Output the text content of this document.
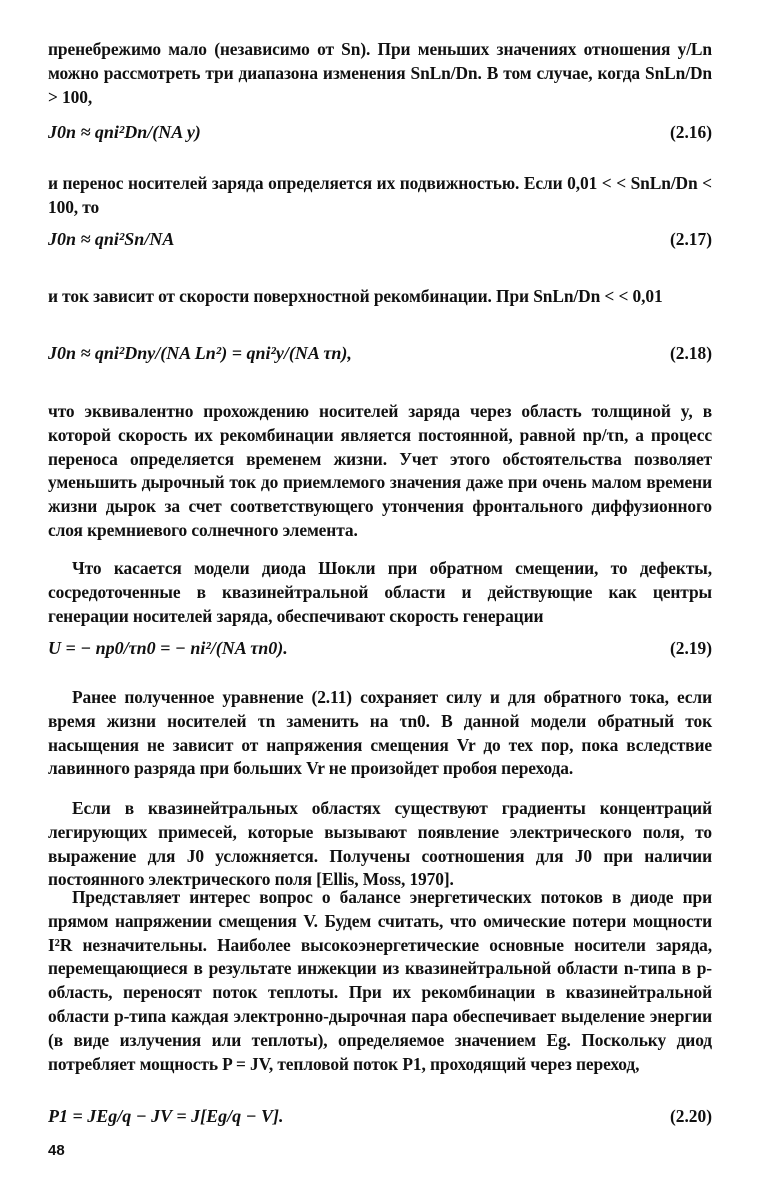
пренебрежимо мало (независимо от Sn). При меньших значениях отношения y/Ln можно рассмотреть три диапазона изменения SnLn/Dn. В том случае, когда SnLn/Dn > 100,

J0n ≈ qni²Dn/(NA y)	(2.16)

и перенос носителей заряда определяется их подвижностью. Если 0,01 < < SnLn/Dn < 100, то

J0n ≈ qni²Sn/NA	(2.17)

и ток зависит от скорости поверхностной рекомбинации. При SnLn/Dn < < 0,01

J0n ≈ qni²Dny/(NA Ln²) = qni²y/(NA τn),	(2.18)

что эквивалентно прохождению носителей заряда через область толщиной y, в которой скорость их рекомбинации является постоянной, равной np/τn, а процесс переноса определяется временем жизни. Учет этого обстоятельства позволяет уменьшить дырочный ток до приемлемого значения даже при очень малом времени жизни дырок за счет соответствующего утончения фронтального диффузионного слоя кремниевого солнечного элемента.

Что касается модели диода Шокли при обратном смещении, то дефекты, сосредоточенные в квазинейтральной области и действующие как центры генерации носителей заряда, обеспечивают скорость генерации

U = − np0/τn0 = − ni²/(NA τn0).	(2.19)

Ранее полученное уравнение (2.11) сохраняет силу и для обратного тока, если время жизни носителей τn заменить на τn0. В данной модели обратный ток насыщения не зависит от напряжения смещения Vr до тех пор, пока вследствие лавинного разряда при больших Vr не произойдет пробоя перехода.

Если в квазинейтральных областях существуют градиенты концентраций легирующих примесей, которые вызывают появление электрического поля, то выражение для J0 усложняется. Получены соотношения для J0 при наличии постоянного электрического поля [Ellis, Moss, 1970].

Представляет интерес вопрос о балансе энергетических потоков в диоде при прямом напряжении смещения V. Будем считать, что омические потери мощности I²R незначительны. Наиболее высокоэнергетические основные носители заряда, перемещающиеся в результате инжекции из квазинейтральной области n-типа в p-область, переносят поток теплоты. При их рекомбинации в квазинейтральной области p-типа каждая электронно-дырочная пара обеспечивает выделение энергии (в виде излучения или теплоты), определяемое значением Eg. Поскольку диод потребляет мощность P = JV, тепловой поток P1, проходящий через переход,

P1 = JEg/q − JV = J[Eg/q − V].	(2.20)
48
